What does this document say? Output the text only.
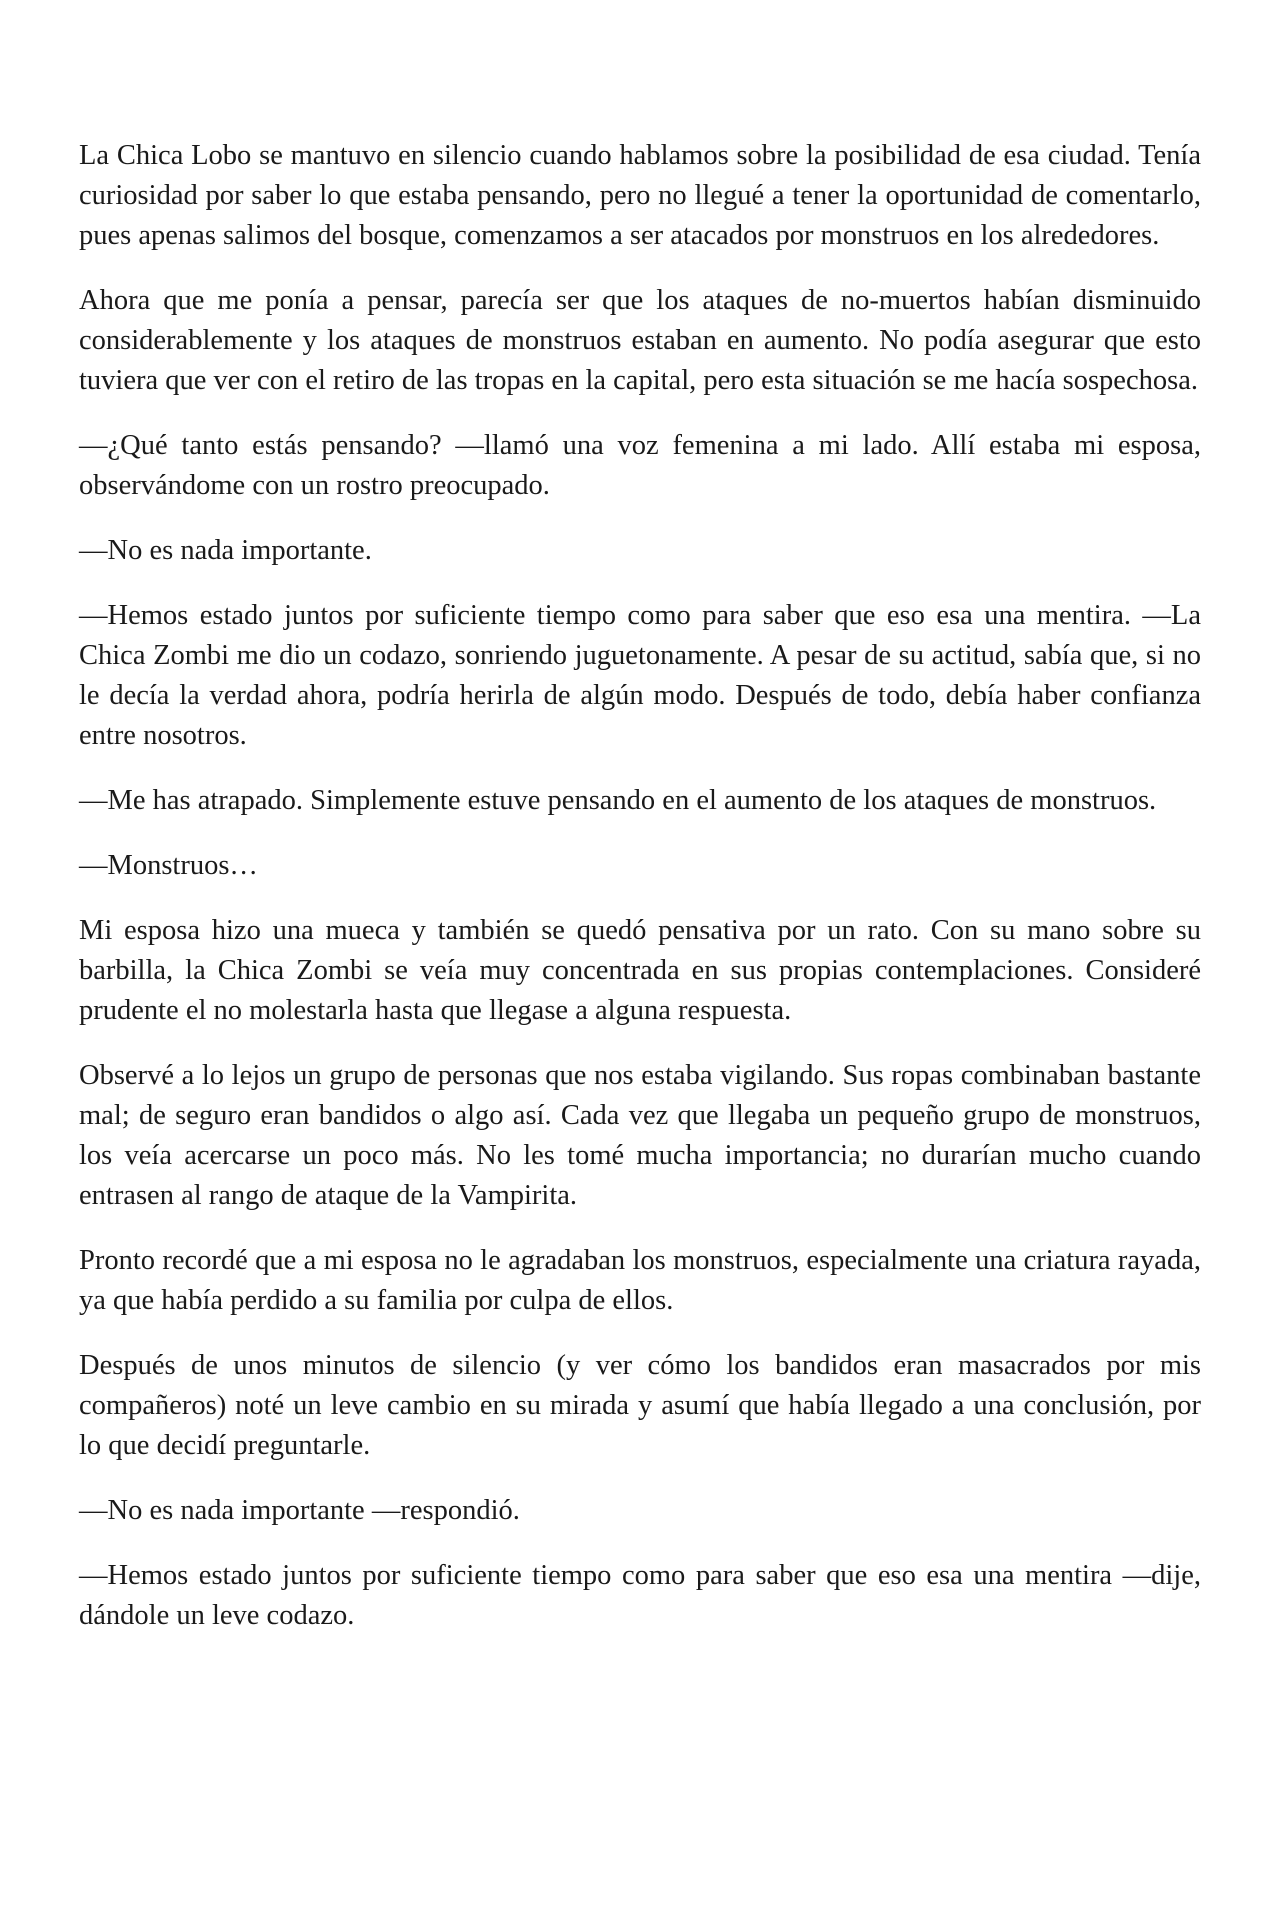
La Chica Lobo se mantuvo en silencio cuando hablamos sobre la posibilidad de esa ciudad. Tenía curiosidad por saber lo que estaba pensando, pero no llegué a tener la oportunidad de comentarlo, pues apenas salimos del bosque, comenzamos a ser atacados por monstruos en los alrededores.

Ahora que me ponía a pensar, parecía ser que los ataques de no-muertos habían disminuido considerablemente y los ataques de monstruos estaban en aumento. No podía asegurar que esto tuviera que ver con el retiro de las tropas en la capital, pero esta situación se me hacía sospechosa.

—¿Qué tanto estás pensando? —llamó una voz femenina a mi lado. Allí estaba mi esposa, observándome con un rostro preocupado.

—No es nada importante.

—Hemos estado juntos por suficiente tiempo como para saber que eso esa una mentira. —La Chica Zombi me dio un codazo, sonriendo juguetonamente. A pesar de su actitud, sabía que, si no le decía la verdad ahora, podría herirla de algún modo. Después de todo, debía haber confianza entre nosotros.

—Me has atrapado. Simplemente estuve pensando en el aumento de los ataques de monstruos.

—Monstruos…

Mi esposa hizo una mueca y también se quedó pensativa por un rato. Con su mano sobre su barbilla, la Chica Zombi se veía muy concentrada en sus propias contemplaciones. Consideré prudente el no molestarla hasta que llegase a alguna respuesta.

Observé a lo lejos un grupo de personas que nos estaba vigilando. Sus ropas combinaban bastante mal; de seguro eran bandidos o algo así. Cada vez que llegaba un pequeño grupo de monstruos, los veía acercarse un poco más. No les tomé mucha importancia; no durarían mucho cuando entrasen al rango de ataque de la Vampirita.

Pronto recordé que a mi esposa no le agradaban los monstruos, especialmente una criatura rayada, ya que había perdido a su familia por culpa de ellos.

Después de unos minutos de silencio (y ver cómo los bandidos eran masacrados por mis compañeros) noté un leve cambio en su mirada y asumí que había llegado a una conclusión, por lo que decidí preguntarle.

—No es nada importante —respondió.

—Hemos estado juntos por suficiente tiempo como para saber que eso esa una mentira —dije, dándole un leve codazo.
